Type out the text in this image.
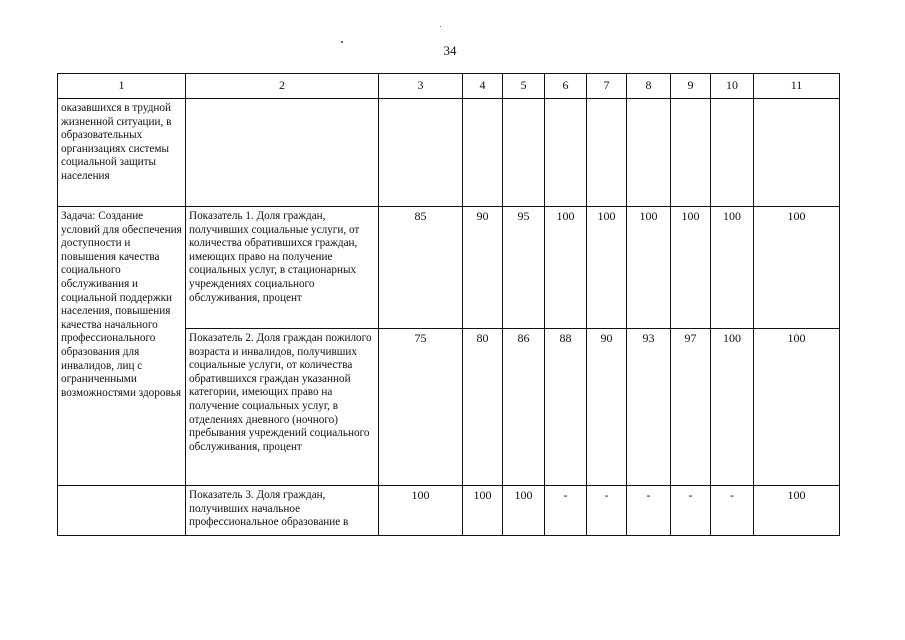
34
1	2	3	4	5	6	7	8	9	10	11
оказавшихся в трудной жизненной ситуации, в образовательных организациях системы социальной защиты населения										
Задача: Создание условий для обеспечения доступности и повышения качества социального обслуживания и социальной поддержки населения, повышения качества начального профессионального образования для инвалидов, лиц с ограниченными возможностями здоровья	Показатель 1. Доля граждан, получивших социальные услуги, от количества обратившихся граждан, имеющих право на получение социальных услуг, в стационарных учреждениях социального обслуживания, процент	85	90	95	100	100	100	100	100	100
	Показатель 2. Доля граждан пожилого возраста и инвалидов, получивших социальные услуги, от количества обратившихся граждан указанной категории, имеющих право на получение социальных услуг, в отделениях дневного (ночного) пребывания учреждений социального обслуживания, процент	75	80	86	88	90	93	97	100	100
	Показатель 3. Доля граждан, получивших начальное профессиональное образование в	100	100	100	-	-	-	-	-	100
